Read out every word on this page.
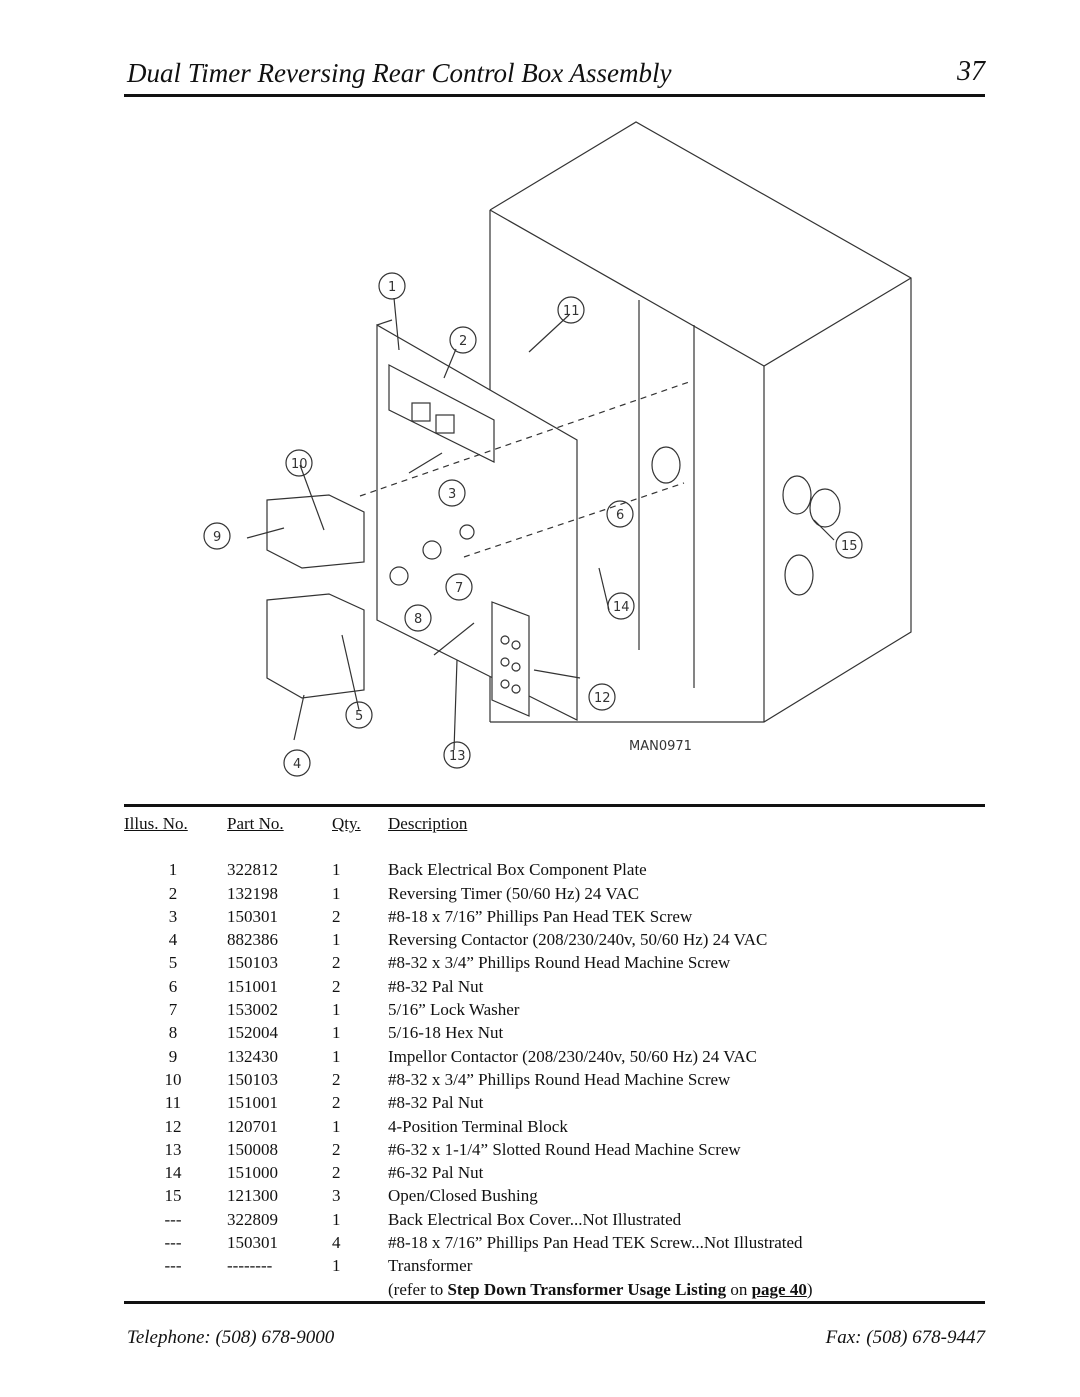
Dual Timer Reversing Rear Control Box Assembly	37
1
2
3
4
5
6
7
8
9
10
11
12
13
14
15
MAN0971
Illus. No.	Part No.	Qty.	Description
1	322812	1	Back Electrical Box Component Plate
2	132198	1	Reversing Timer (50/60 Hz) 24 VAC
3	150301	2	#8-18 x 7/16” Phillips Pan Head TEK Screw
4	882386	1	Reversing Contactor (208/230/240v, 50/60 Hz) 24 VAC
5	150103	2	#8-32 x 3/4” Phillips Round Head Machine Screw
6	151001	2	#8-32 Pal Nut
7	153002	1	5/16” Lock Washer
8	152004	1	5/16-18 Hex Nut
9	132430	1	Impellor Contactor (208/230/240v, 50/60 Hz) 24 VAC
10	150103	2	#8-32 x 3/4” Phillips Round Head Machine Screw
11	151001	2	#8-32 Pal Nut
12	120701	1	4-Position Terminal Block
13	150008	2	#6-32 x 1-1/4” Slotted Round Head Machine Screw
14	151000	2	#6-32 Pal Nut
15	121300	3	Open/Closed Bushing
---	322809	1	Back Electrical Box Cover...Not Illustrated
---	150301	4	#8-18 x 7/16” Phillips Pan Head TEK Screw...Not Illustrated
---	--------	1	Transformer
			(refer to Step Down Transformer Usage Listing on page 40)
Telephone: (508) 678-9000	Fax: (508) 678-9447
